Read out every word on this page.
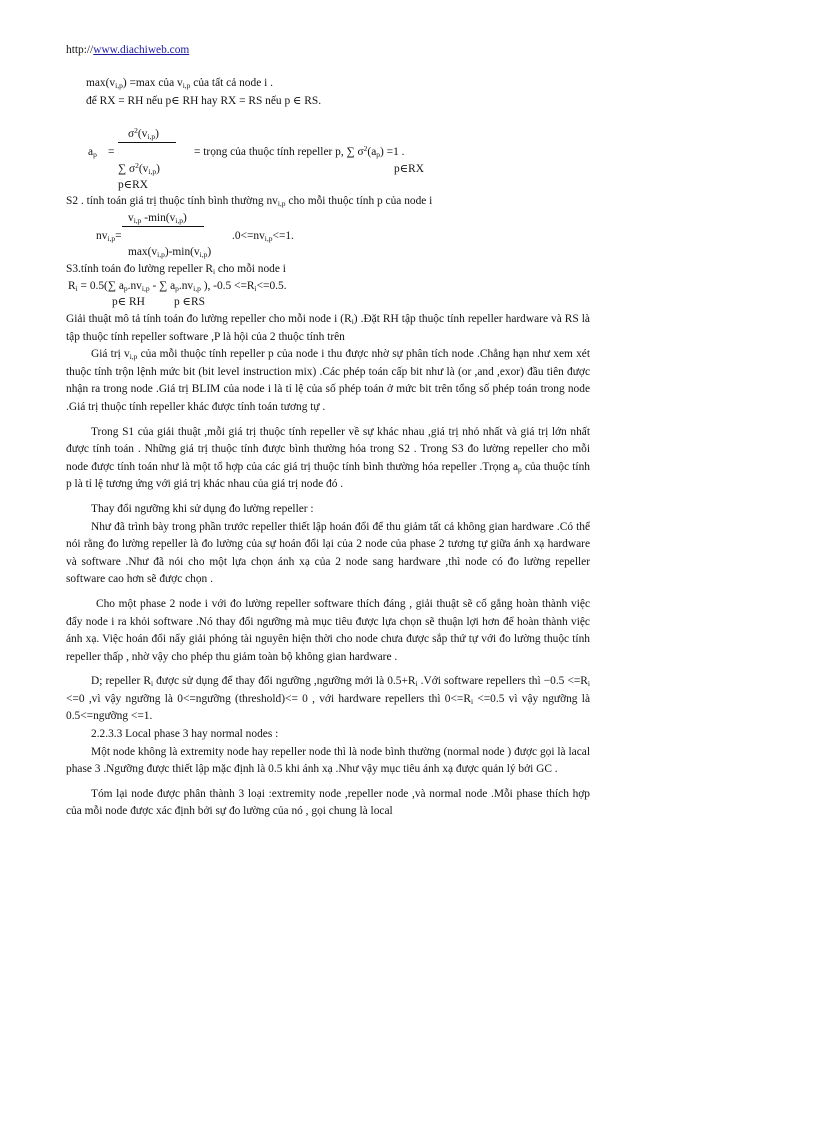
http://www.diachiweb.com
$\max(v_{i,p}) =\max$ của $v_{i,p}$ của tất cả node i .
để RX = RH nếu p∈ RH hay RX = RS nếu p ∈ RS.
$\sigma^2(v_{i,p})$
$a_p$ =	= trọng của thuộc tính repeller p, ∑ $\sigma^2(a_p) =1$ .
∑ $\sigma^2(v_{i,p})$	p∈RX
p∈RX
S2 . tính toán giá trị thuộc tính bình thường $nv_{i,p}$ cho mỗi thuộc tính p của node i
$v_{i,p}$ $-\min(v_{i,p})$
$nv_{i,p}=$	$.0<=nv_{i,p}<=1$.
$\max(v_{i,p})-\min(v_{i,p})$
S3.tính toán đo lường repeller $R_i$ cho mỗi node i
$R_i = 0.5(\sum$ $a_p.nv_{i,p}$ - ∑ $a_p.nv_{i,p}$ ), $-0.5 <=R_i<=0.5$.
p∈ RH	p ∈RS

Giải thuật mô tả tính toán đo lường repeller cho mỗi node i $(R_i)$ .Đặt RH tập thuộc tính repeller hardware và RS là tập thuộc tính repeller software ,P là hội của 2 thuộc tính trên

Giá trị $v_{i,p}$ của mỗi thuộc tính repeller p của node i thu được nhờ sự phân tích node .Chẳng hạn như xem xét thuộc tính trộn lệnh mức bit (bit level instruction mix) .Các phép toán cấp bit như là (or ,and ,exor) đầu tiên được nhận ra trong node .Giá trị BLIM của node i là tỉ lệ của số phép toán ở mức bit trên tổng số phép toán trong node .Giá trị thuộc tính repeller khác được tính toán tương tự .

Trong S1 của giải thuật ,mỗi giá trị thuộc tính repeller về sự khác nhau ,giá trị nhỏ nhất và giá trị lớn nhất được tính toán . Những giá trị thuộc tính được bình thường hóa trong S2 . Trong S3 đo lường repeller cho mỗi node được tính toán như là một tổ hợp của các giá trị thuộc tính bình thường hóa repeller .Trọng $a_p$ của thuộc tính p là tỉ lệ tương ứng với giá trị khác nhau của giá trị node đó .

Thay đổi ngưỡng khi sử dụng đo lường repeller :

Như đã trình bày trong phần trước repeller thiết lập hoán đổi để thu giảm tất cả không gian hardware .Có thể nói rằng đo lường repeller là đo lường của sự hoán đổi lại của 2 node của phase 2 tương tự giữa ánh xạ hardware và software .Như đã nói cho một lựa chọn ánh xạ của 2 node sang hardware ,thì node có đo lường repeller software cao hơn sẽ được chọn .

Cho một phase 2 node i với đo lường repeller software thích đáng , giải thuật sẽ cố gắng hoàn thành việc đẩy node i ra khỏi software .Nó thay đổi ngưỡng mà mục tiêu được lựa chọn sẽ thuận lợi hơn để hoàn thành việc ánh xạ. Việc hoán đổi nẩy giải phóng tài nguyên hiện thời cho node chưa được sắp thứ tự với đo lường thuộc tính repeller thấp , nhờ vậy cho phép thu giảm toàn bộ không gian hardware .

D; repeller $R_i$ được sử dụng để thay đổi ngưỡng ,ngưỡng mới là $0.5+R_i$ .Với software repellers thì $-0.5 <=R_i <=0$ ,vì vậy ngưỡng là 0<=ngưỡng (threshold)<= 0 , với hardware repellers thì $0<=R_i <=0.5$ vì vậy ngưỡng là 0.5<=ngưỡng <=1.

2.2.3.3 Local phase 3 hay normal nodes :

Một node không là extremity node hay repeller node thì là node bình thường (normal node ) được gọi là lacal phase 3 .Ngưỡng được thiết lập mặc định là 0.5 khi ánh xạ .Như vậy mục tiêu ánh xạ được quản lý bởi GC .

Tóm lại node được phân thành 3 loại :extremity node ,repeller node ,và normal node .Mỗi phase thích hợp của mỗi node được xác định bởi sự đo lường của nó , gọi chung là local
